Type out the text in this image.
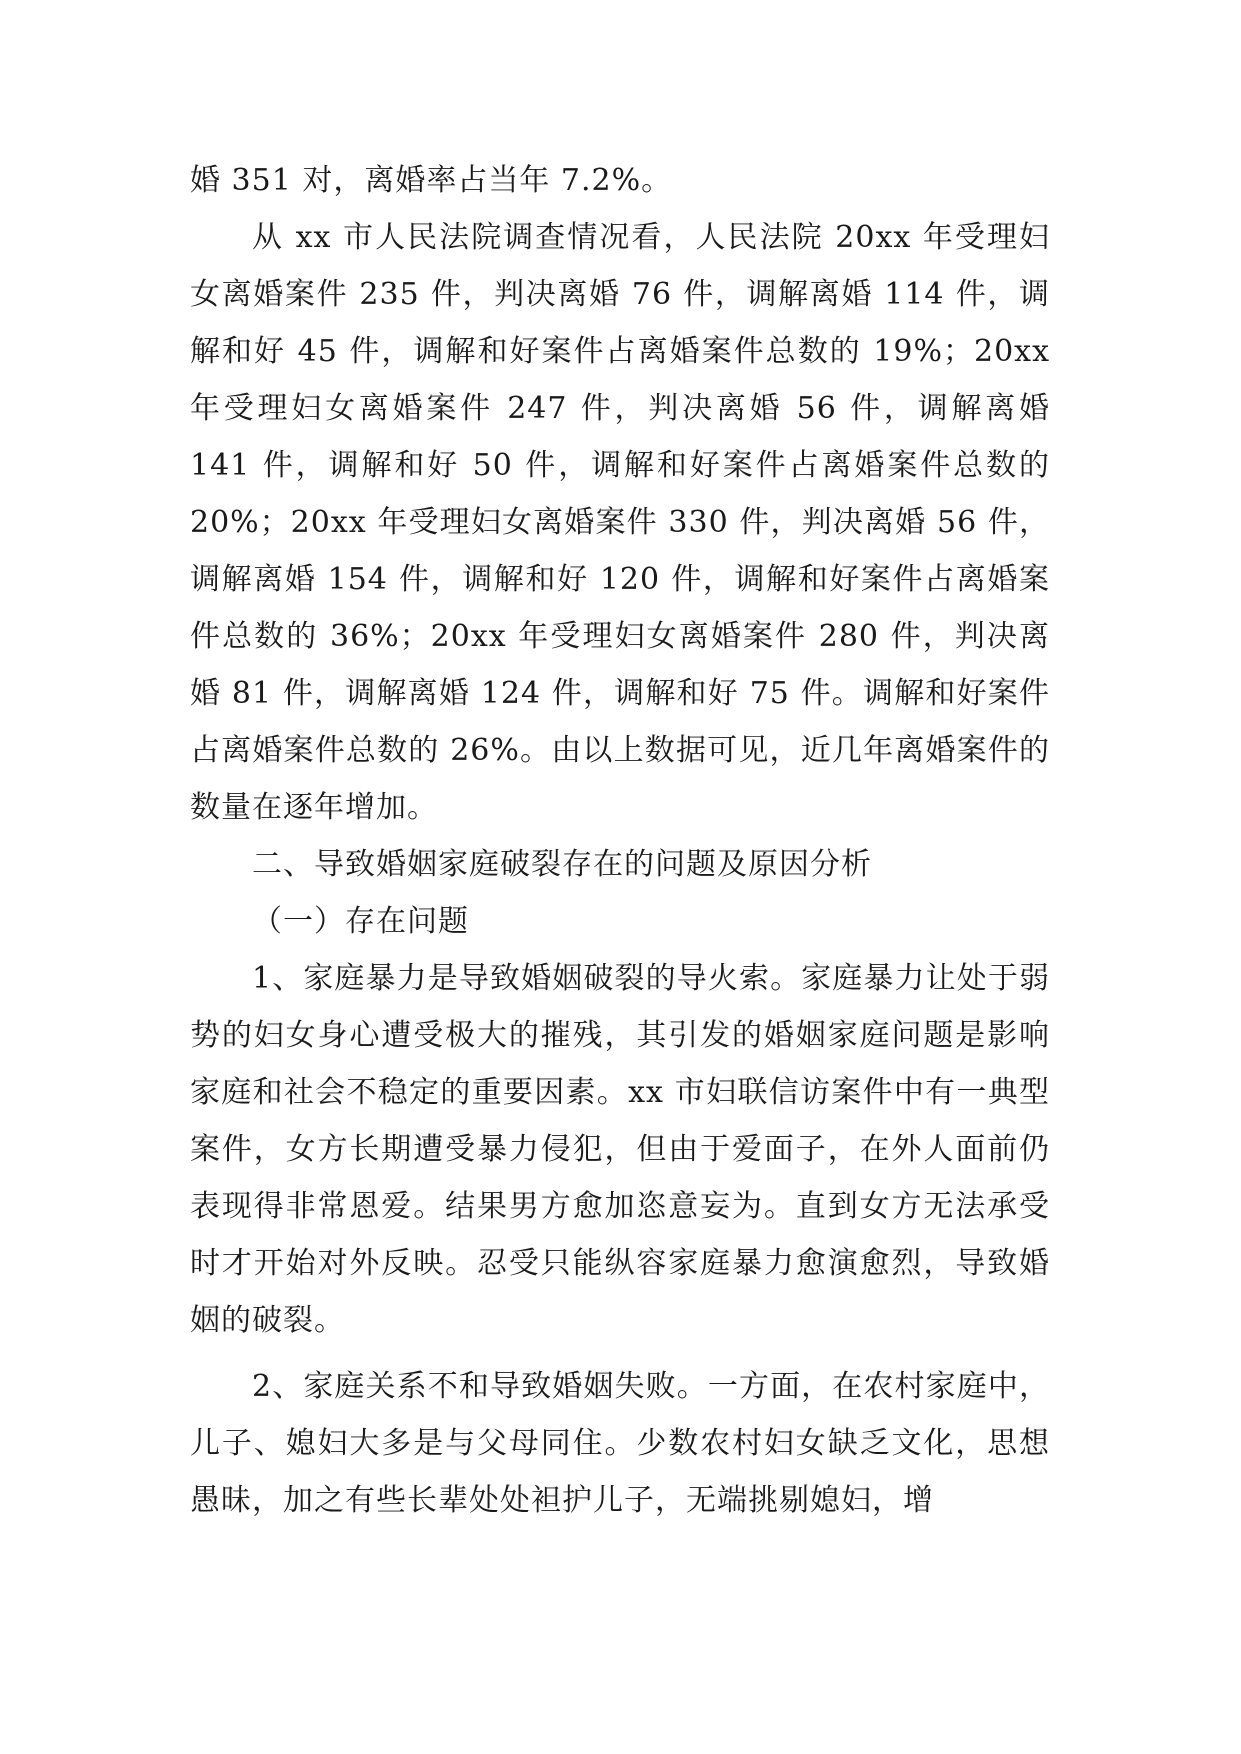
婚 351 对，离婚率占当年 7.2%。

从 xx 市人民法院调查情况看，人民法院 20xx 年受理妇女离婚案件 235 件，判决离婚 76 件，调解离婚 114 件，调解和好 45 件，调解和好案件占离婚案件总数的 19%；20xx 年受理妇女离婚案件 247 件，判决离婚 56 件，调解离婚 141 件，调解和好 50 件，调解和好案件占离婚案件总数的 20%；20xx 年受理妇女离婚案件 330 件，判决离婚 56 件，调解离婚 154 件，调解和好 120 件，调解和好案件占离婚案件总数的 36%；20xx 年受理妇女离婚案件 280 件，判决离婚 81 件，调解离婚 124 件，调解和好 75 件。调解和好案件占离婚案件总数的 26%。由以上数据可见，近几年离婚案件的数量在逐年增加。

二、导致婚姻家庭破裂存在的问题及原因分析

（一）存在问题

1、家庭暴力是导致婚姻破裂的导火索。家庭暴力让处于弱势的妇女身心遭受极大的摧残，其引发的婚姻家庭问题是影响家庭和社会不稳定的重要因素。xx 市妇联信访案件中有一典型案件，女方长期遭受暴力侵犯，但由于爱面子，在外人面前仍表现得非常恩爱。结果男方愈加恣意妄为。直到女方无法承受时才开始对外反映。忍受只能纵容家庭暴力愈演愈烈，导致婚姻的破裂。

2、家庭关系不和导致婚姻失败。一方面，在农村家庭中，儿子、媳妇大多是与父母同住。少数农村妇女缺乏文化，思想愚昧，加之有些长辈处处袒护儿子，无端挑剔媳妇，增
